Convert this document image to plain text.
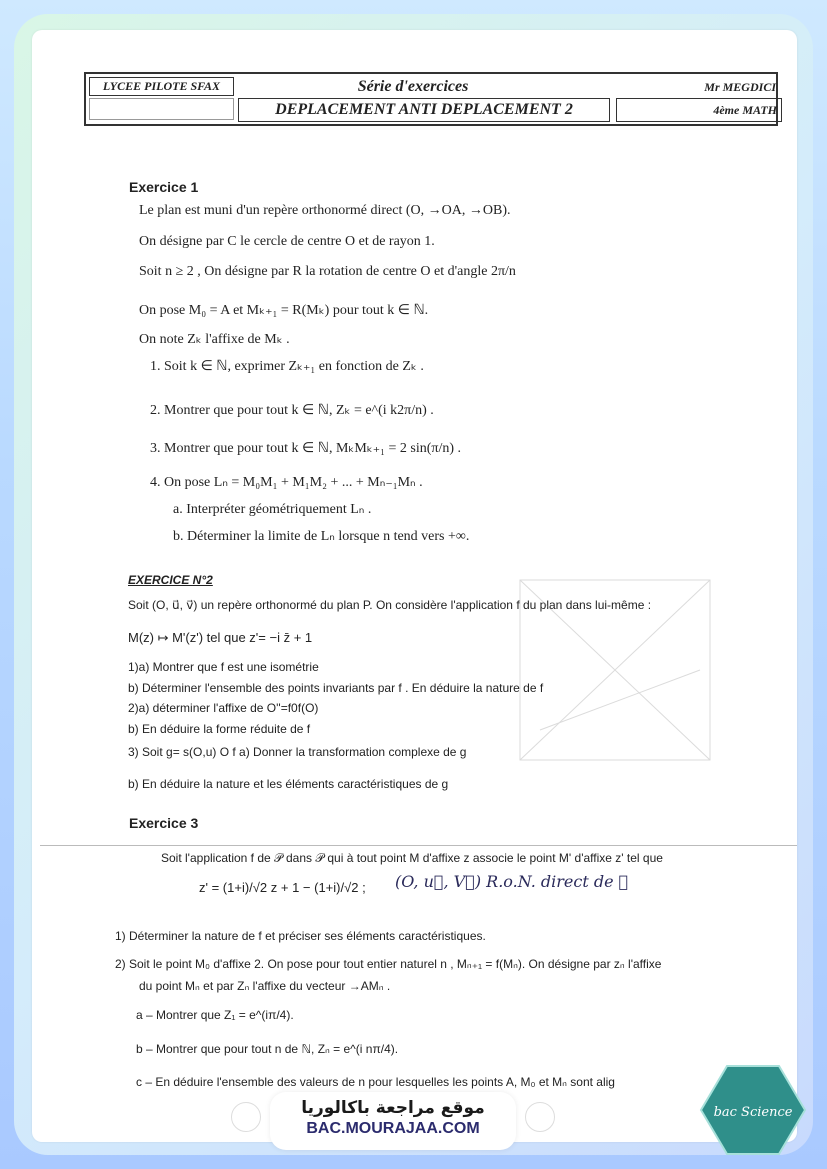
LYCEE PILOTE SFAX	Série d'exercices
DEPLACEMENT ANTI DEPLACEMENT 2
Mr MEGDICI
4ème MATH
Exercice 1
Le plan est muni d'un repère orthonormé direct (O, →OA, →OB).
On désigne par C le cercle de centre O et de rayon 1.
Soit n ≥ 2 , On désigne par R la rotation de centre O et d'angle 2π/n
On pose M₀ = A et Mₖ₊₁ = R(Mₖ) pour tout k ∈ ℕ.
On note Zₖ l'affixe de Mₖ .
1. Soit k ∈ ℕ, exprimer Zₖ₊₁ en fonction de Zₖ .
2. Montrer que pour tout k ∈ ℕ, Zₖ = e^(i k2π/n) .
3. Montrer que pour tout k ∈ ℕ, MₖMₖ₊₁ = 2 sin(π/n) .
4. On pose Lₙ = M₀M₁ + M₁M₂ + ... + Mₙ₋₁Mₙ .
a. Interpréter géométriquement Lₙ .
b. Déterminer la limite de Lₙ lorsque n tend vers +∞.
EXERCICE N°2
Soit (O, u⃗, v⃗) un repère orthonormé du plan P. On considère l'application f du plan dans lui-même :
M(z) ↦ M'(z') tel que z'= −i z̄ + 1
1)a) Montrer que f est une isométrie
b) Déterminer l'ensemble des points invariants par f . En déduire la nature de f
2)a) déterminer l'affixe de O''=f0f(O)
b) En déduire la forme réduite de f
3) Soit g= s(O,u) O f a) Donner la transformation complexe de g
b) En déduire la nature et les éléments caractéristiques de g
Exercice 3
Soit l'application f de 𝒫 dans 𝒫 qui à tout point M d'affixe z associe le point M' d'affixe z' tel que
z' = (1+i)/√2 z + 1 − (1+i)/√2 ; (O, u⃗, V⃗) R.o.N. direct de 𝒫
1) Déterminer la nature de f et préciser ses éléments caractéristiques.
2) Soit le point M₀ d'affixe 2. On pose pour tout entier naturel n , Mₙ₊₁ = f(Mₙ). On désigne par zₙ l'affixe
du point Mₙ et par Zₙ l'affixe du vecteur →AMₙ .
a – Montrer que Z₁ = e^(iπ/4).
b – Montrer que pour tout n de ℕ, Zₙ = e^(i nπ/4).
c – En déduire l'ensemble des valeurs de n pour lesquelles les points A, M₀ et Mₙ sont alig
موقع مراجعة باكالوريا
BAC.MOURAJAA.COM
bac Science
